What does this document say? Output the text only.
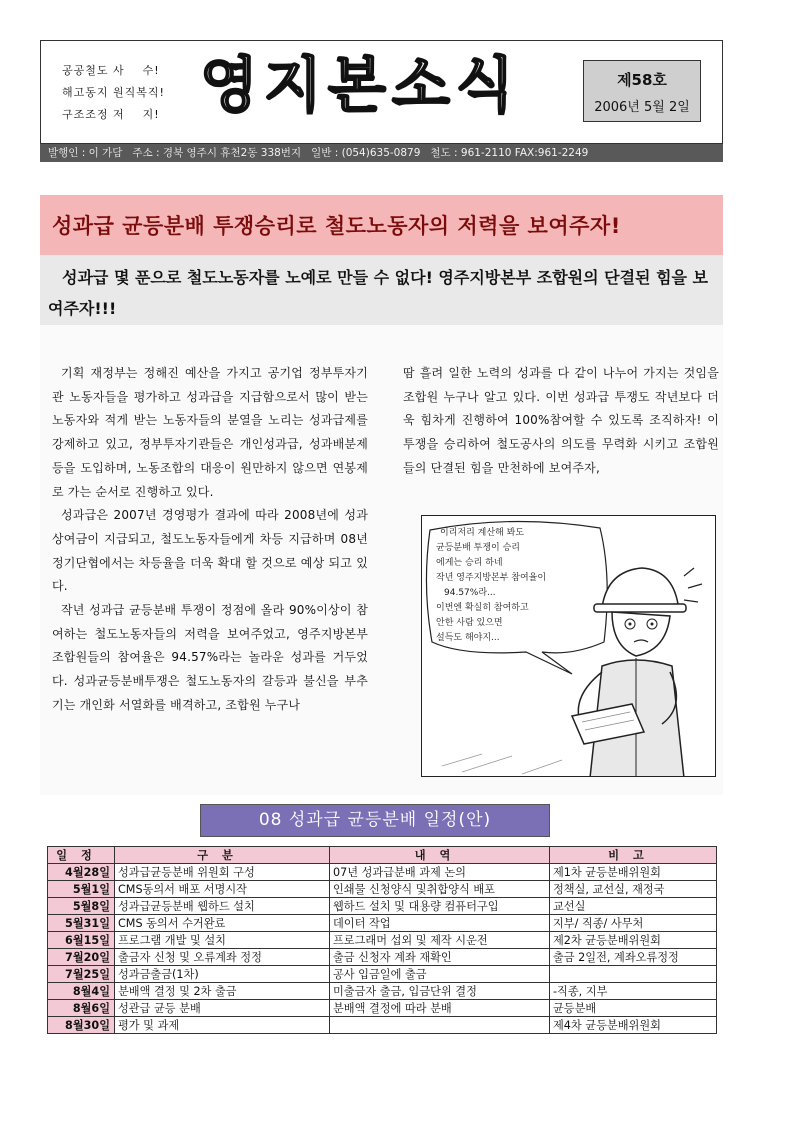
공공철도 사    수!
해고동지 원직복직!
구조조정 저    지! 영지본소식	제58호
2006년 5월 2일
발행인 : 이 가담   주소 : 경북 영주시 휴천2동 338번지   일반 : (054)635-0879   철도 : 961-2110 FAX:961-2249
성과급 균등분배 투쟁승리로 철도노동자의 저력을 보여주자!
성과급 몇 푼으로 철도노동자를 노예로 만들 수 없다! 영주지방본부 조합원의 단결된 힘을 보여주자!!!

기획 재정부는 정해진 예산을 가지고 공기업 정부투자기관 노동자들을 평가하고 성과급을 지급함으로서 많이 받는 노동자와 적게 받는 노동자들의 분열을 노리는 성과급제를 강제하고 있고, 정부투자기관들은 개인성과급, 성과배분제 등을 도입하며, 노동조합의 대응이 원만하지 않으면 연봉제로 가는 순서로 진행하고 있다.

성과급은 2007년 경영평가 결과에 따라 2008년에 성과상여금이 지급되고, 철도노동자들에게 차등 지급하며 08년 정기단협에서는 차등율을 더욱 확대 할 것으로 예상 되고 있다.

작년 성과급 균등분배 투쟁이 정점에 올라 90%이상이 참여하는 철도노동자들의 저력을 보여주었고, 영주지방본부 조합원들의 참여율은 94.57%라는 놀라운 성과를 거두었다. 성과균등분배투쟁은 철도노동자의 갈등과 불신을 부추기는 개인화 서열화를 배격하고, 조합원 누구나

땀 흘려 일한 노력의 성과를 다 같이 나누어 가지는 것임을 조합원 누구나 알고 있다. 이번 성과급 투쟁도 작년보다 더욱 힘차게 진행하여 100%참여할 수 있도록 조직하자! 이 투쟁을 승리하여 철도공사의 의도를 무력화 시키고 조합원들의 단결된 힘을 만천하에 보여주자,

이리저리 계산해 봐도
균등분배 투쟁이 승리
에게는 승리 하네
작년 영주지방본부 참여율이
94.57%라...
이번엔 확실히 참여하고
안한 사람 있으면
설득도 해야지...
08 성과급 균등분배 일정(안)
일정	구분	내역	비고
4월28일	성과급균등분배 위원회 구성	07년 성과급분배 과제 논의	제1차 균등분배위원회
5월1일	CMS동의서 배포 서명시작	인쇄물 신청양식 및취합양식 배포	정책실, 교선실, 재정국
5월8일	성과급균등분배 웹하드 설치	웹하드 설치 및 대용량 컴퓨터구입	교선실
5월31일	CMS 동의서 수거완료	데이터 작업	지부/ 직종/ 사무처
6월15일	프로그램 개발 및 설치	프로그래머 섭외 및 제작 시운전	제2차 균등분배위원회
7월20일	출금자 신청 및 오류계좌 정정	출금 신청자 계좌 재확인	출금 2일전, 계좌오류정정
7월25일	성과금출금(1차)	공사 입금일에 출금	
8월4일	분배액 결정 및 2차 출금	미출금자 출금, 입금단위 결정	-직종, 지부
8월6일	성관급 균등 분배	분배액 결정에 따라 분배	균등분배
8월30일	평가 및 과제		제4차 균등분배위원회
